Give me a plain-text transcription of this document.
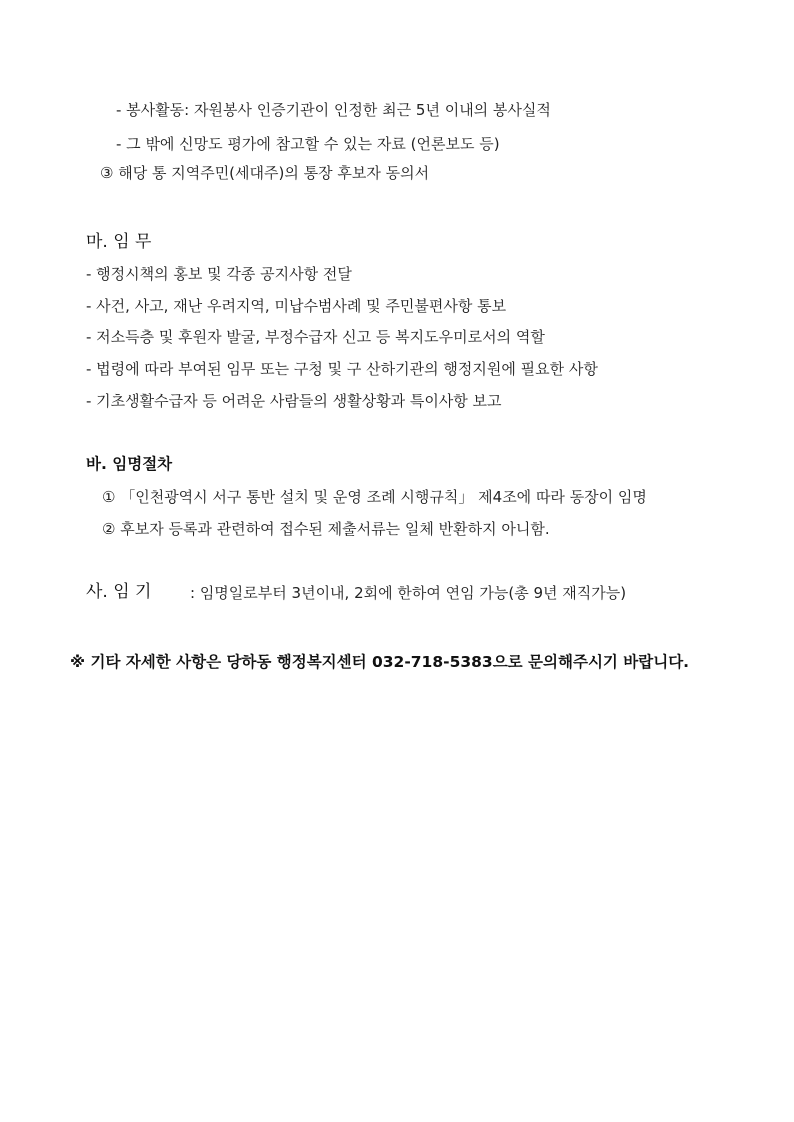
- 봉사활동: 자원봉사 인증기관이 인정한 최근 5년 이내의 봉사실적
- 그 밖에 신망도 평가에 참고할 수 있는 자료 (언론보도 등)
③ 해당 통 지역주민(세대주)의 통장 후보자 동의서
마. 임 무
- 행정시책의 홍보 및 각종 공지사항 전달
- 사건, 사고, 재난 우려지역, 미납수범사례 및 주민불편사항 통보
- 저소득층 및 후원자 발굴, 부정수급자 신고 등 복지도우미로서의 역할
- 법령에 따라 부여된 임무 또는 구청 및 구 산하기관의 행정지원에 필요한 사항
- 기초생활수급자 등 어려운 사람들의 생활상황과 특이사항 보고
바. 임명절차
① 「인천광역시 서구 통반 설치 및 운영 조례 시행규칙」 제4조에 따라 동장이 임명
② 후보자 등록과 관련하여 접수된 제출서류는 일체 반환하지 아니함.
사. 임 기	: 임명일로부터 3년이내, 2회에 한하여 연임 가능(총 9년 재직가능)
※ 기타 자세한 사항은 당하동 행정복지센터 032-718-5383으로 문의해주시기 바랍니다.
